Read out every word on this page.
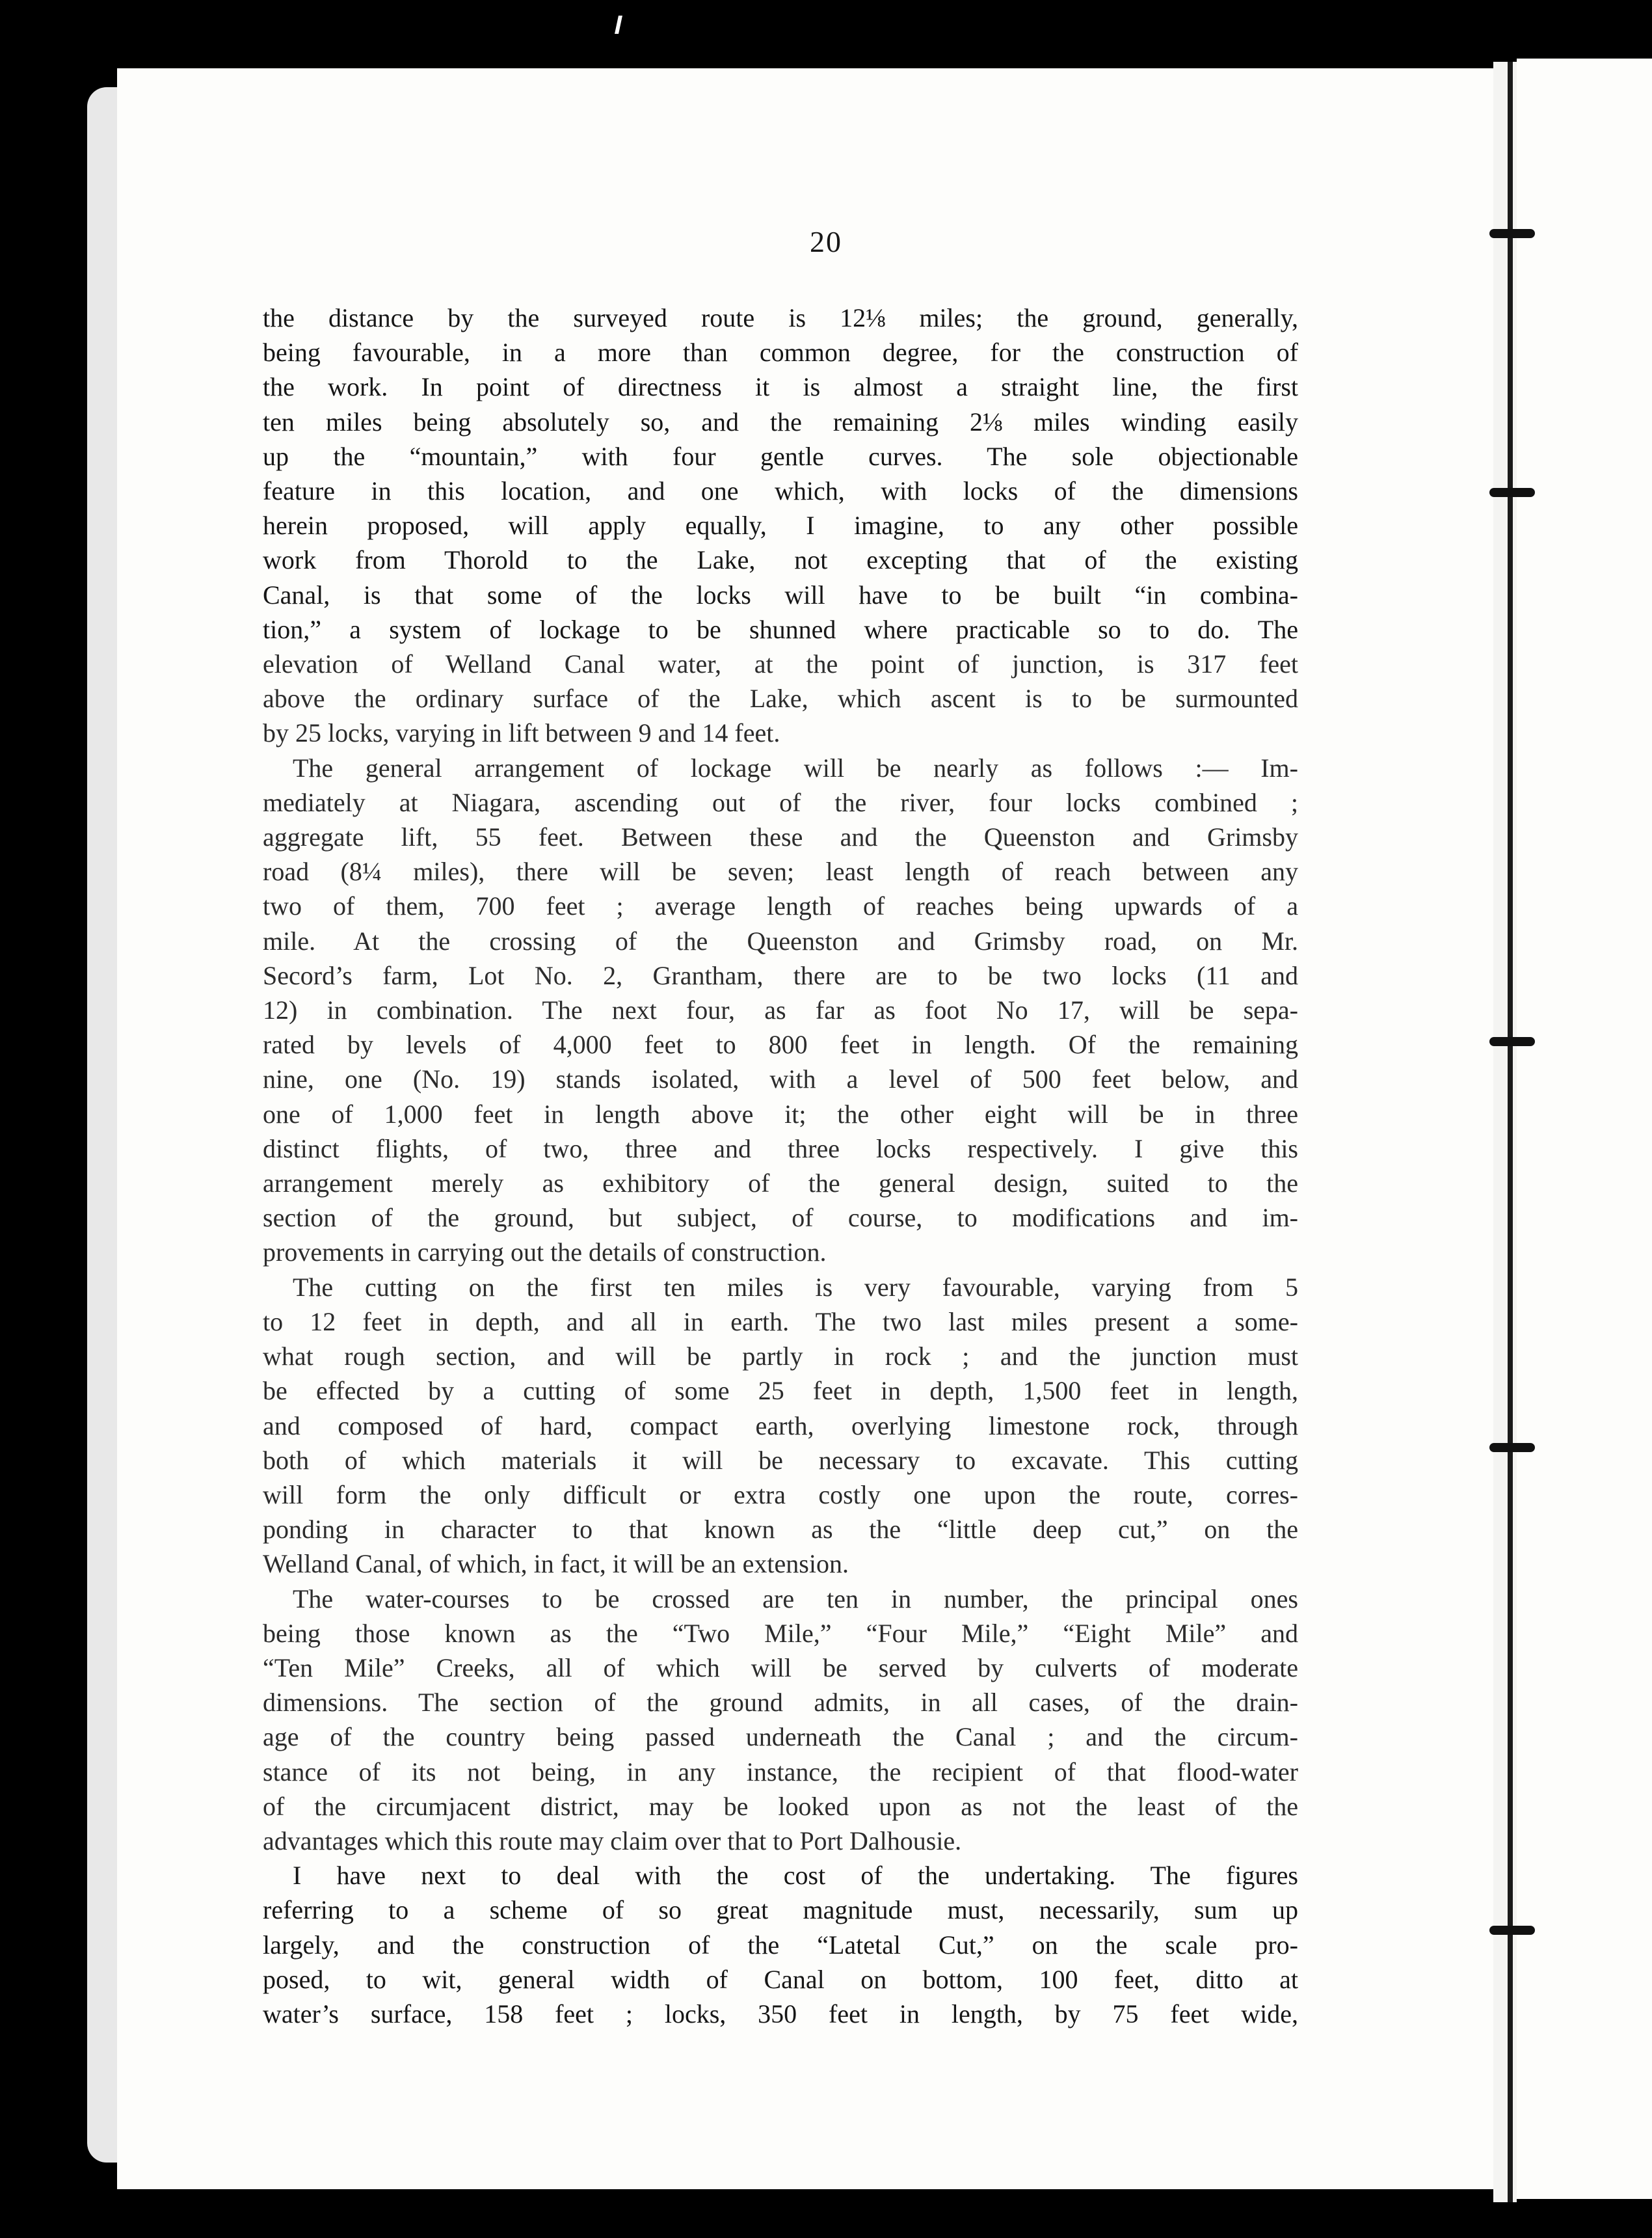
20
the distance by the surveyed route is 12⅛ miles; the ground, generally,
being favourable, in a more than common degree, for the construction of
the work. In point of directness it is almost a straight line, the first
ten miles being absolutely so, and the remaining 2⅛ miles winding easily
up the “mountain,” with four gentle curves. The sole objectionable
feature in this location, and one which, with locks of the dimensions
herein proposed, will apply equally, I imagine, to any other possible
work from Thorold to the Lake, not excepting that of the existing
Canal, is that some of the locks will have to be built “in combina-
tion,” a system of lockage to be shunned where practicable so to do. The
elevation of Welland Canal water, at the point of junction, is 317 feet
above the ordinary surface of the Lake, which ascent is to be surmounted
by 25 locks, varying in lift between 9 and 14 feet.
The general arrangement of lockage will be nearly as follows :— Im-
mediately at Niagara, ascending out of the river, four locks combined ;
aggregate lift, 55 feet. Between these and the Queenston and Grimsby
road (8¼ miles), there will be seven; least length of reach between any
two of them, 700 feet ; average length of reaches being upwards of a
mile. At the crossing of the Queenston and Grimsby road, on Mr.
Secord’s farm, Lot No. 2, Grantham, there are to be two locks (11 and
12) in combination. The next four, as far as foot No 17, will be sepa-
rated by levels of 4,000 feet to 800 feet in length. Of the remaining
nine, one (No. 19) stands isolated, with a level of 500 feet below, and
one of 1,000 feet in length above it; the other eight will be in three
distinct flights, of two, three and three locks respectively. I give this
arrangement merely as exhibitory of the general design, suited to the
section of the ground, but subject, of course, to modifications and im-
provements in carrying out the details of construction.
The cutting on the first ten miles is very favourable, varying from 5
to 12 feet in depth, and all in earth. The two last miles present a some-
what rough section, and will be partly in rock ; and the junction must
be effected by a cutting of some 25 feet in depth, 1,500 feet in length,
and composed of hard, compact earth, overlying limestone rock, through
both of which materials it will be necessary to excavate. This cutting
will form the only difficult or extra costly one upon the route, corres-
ponding in character to that known as the “little deep cut,” on the
Welland Canal, of which, in fact, it will be an extension.
The water-courses to be crossed are ten in number, the principal ones
being those known as the “Two Mile,” “Four Mile,” “Eight Mile” and
“Ten Mile” Creeks, all of which will be served by culverts of moderate
dimensions. The section of the ground admits, in all cases, of the drain-
age of the country being passed underneath the Canal ; and the circum-
stance of its not being, in any instance, the recipient of that flood-water
of the circumjacent district, may be looked upon as not the least of the
advantages which this route may claim over that to Port Dalhousie.
I have next to deal with the cost of the undertaking. The figures
referring to a scheme of so great magnitude must, necessarily, sum up
largely, and the construction of the “Latetal Cut,” on the scale pro-
posed, to wit, general width of Canal on bottom, 100 feet, ditto at
water’s surface, 158 feet ; locks, 350 feet in length, by 75 feet wide,
